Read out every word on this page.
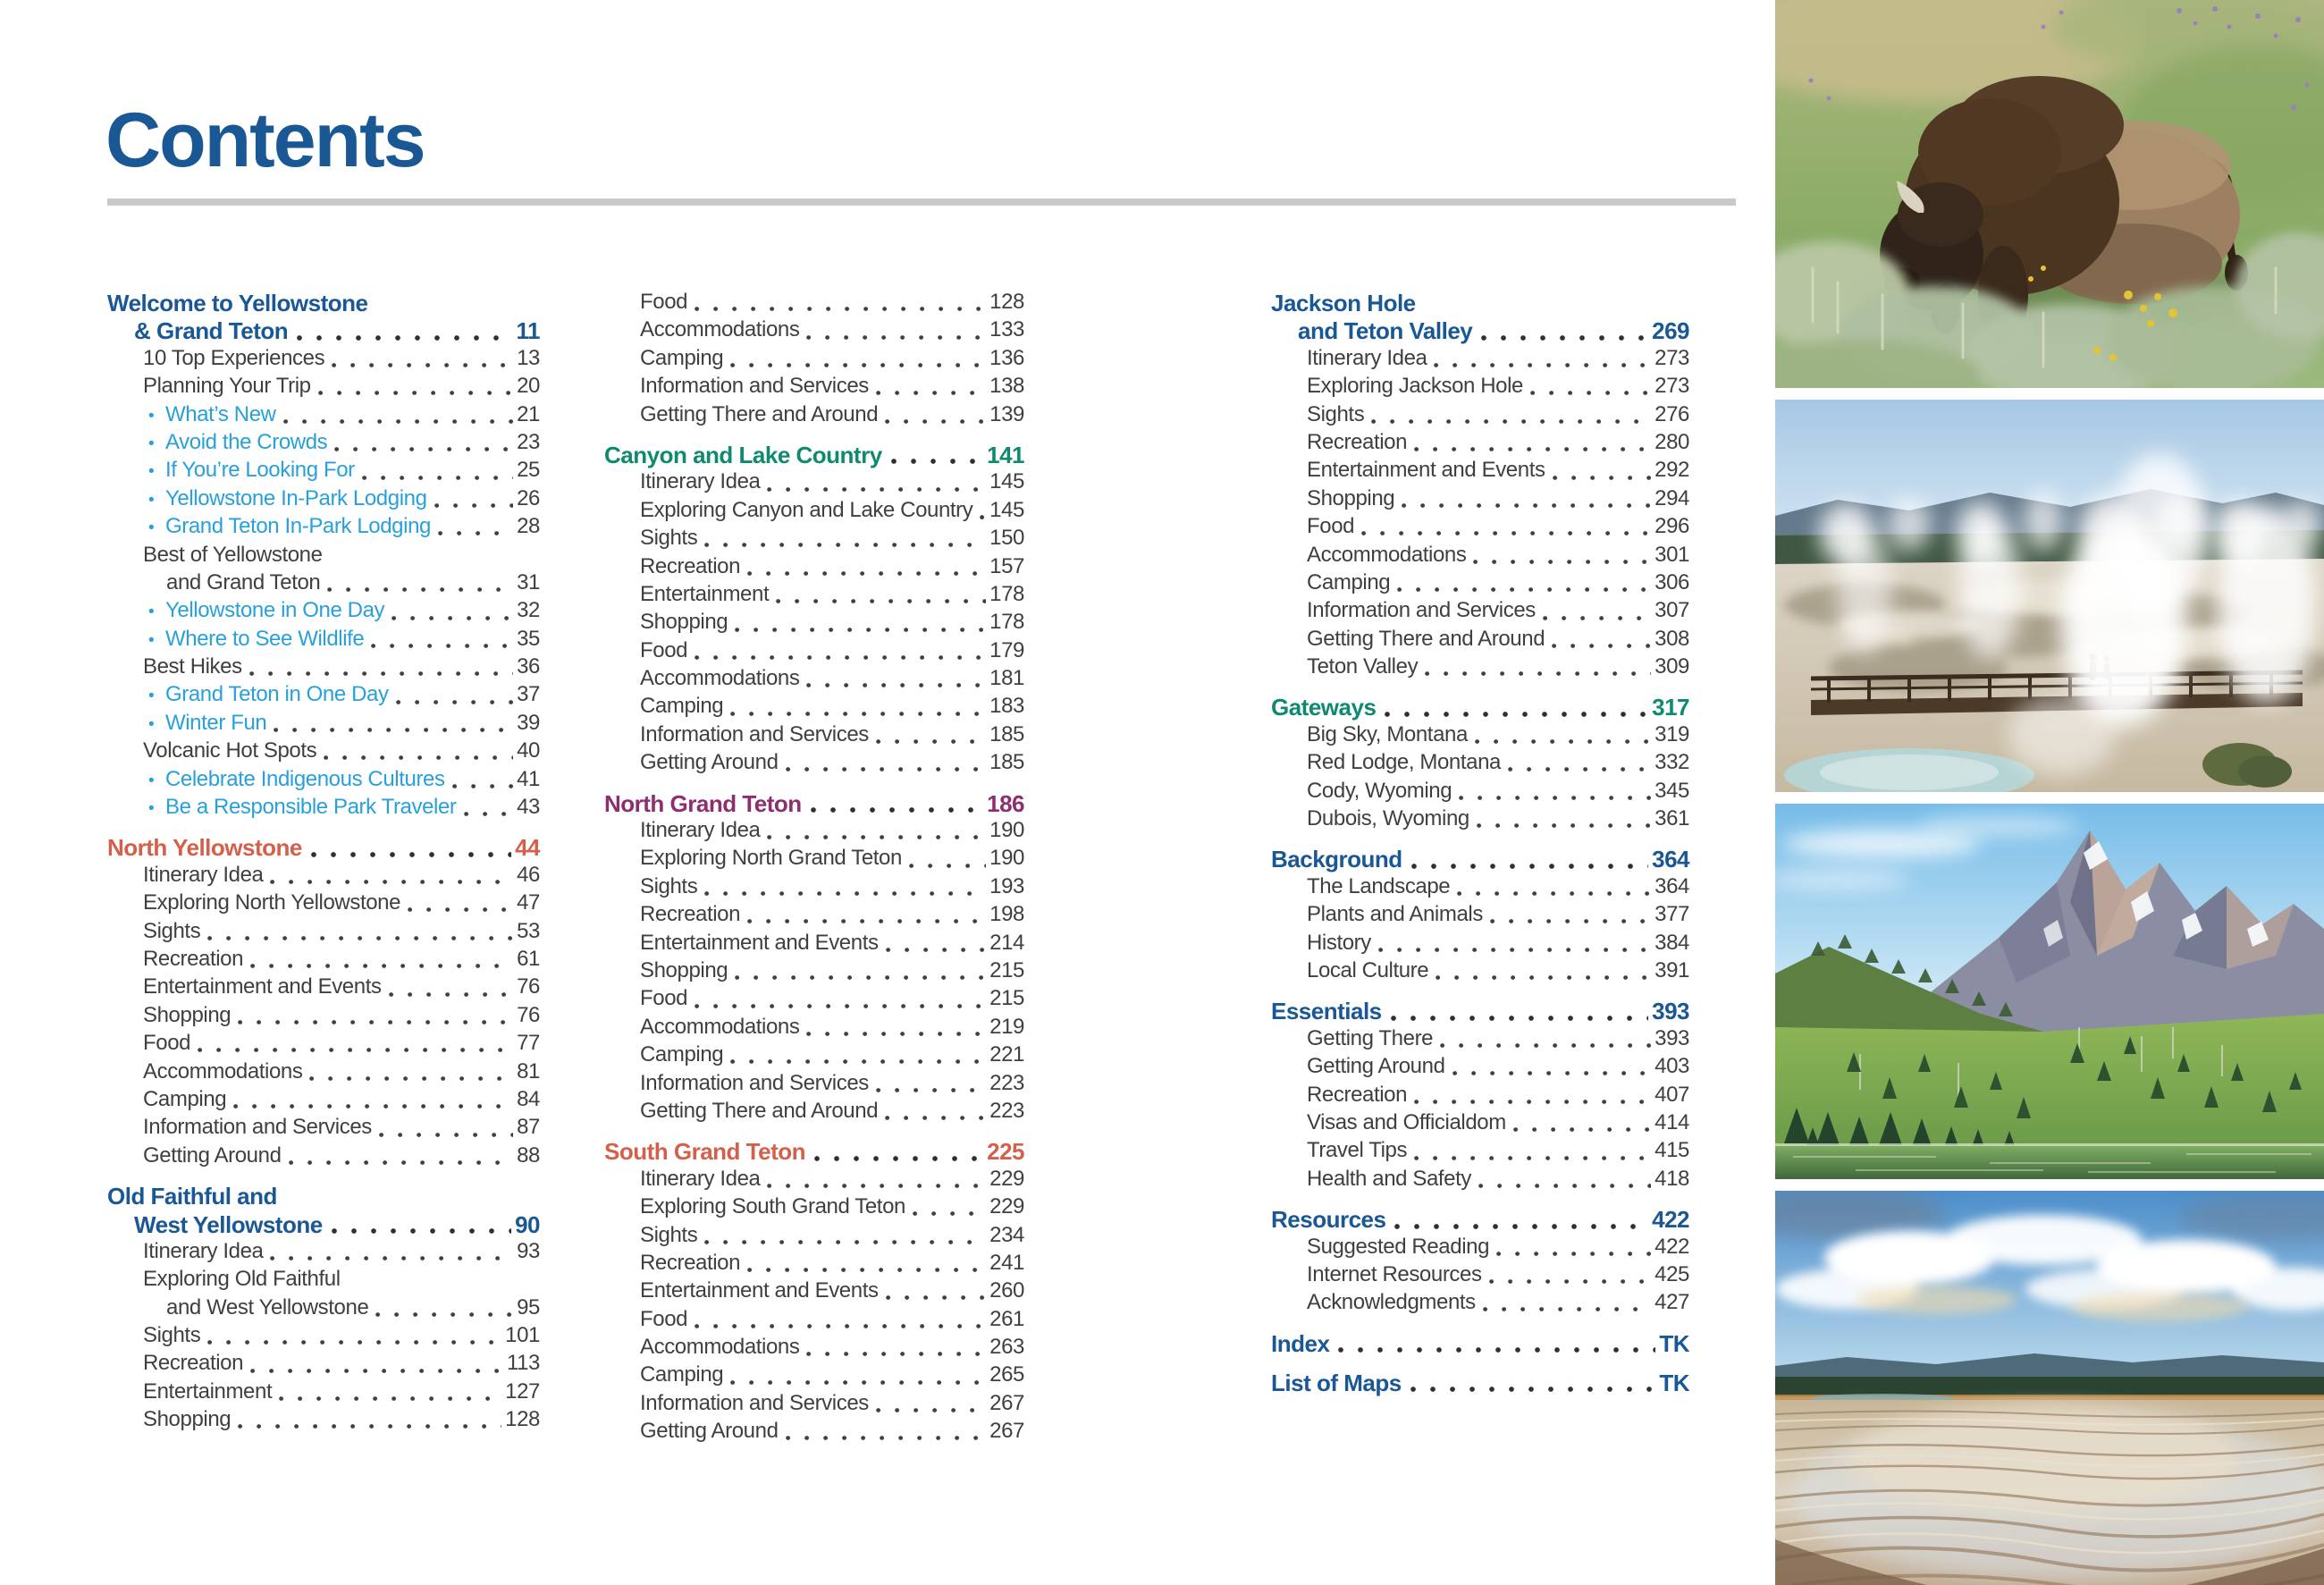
Contents
Welcome to Yellowstone
& Grand Teton	11
10 Top Experiences	13
Planning Your Trip	20
• What’s New	21
• Avoid the Crowds	23
• If You’re Looking For	25
• Yellowstone In-Park Lodging	26
• Grand Teton In-Park Lodging	28
Best of Yellowstone
and Grand Teton	31
• Yellowstone in One Day	32
• Where to See Wildlife	35
Best Hikes	36
• Grand Teton in One Day	37
• Winter Fun	39
Volcanic Hot Spots	40
• Celebrate Indigenous Cultures	41
• Be a Responsible Park Traveler	43
North Yellowstone	44
Itinerary Idea	46
Exploring North Yellowstone	47
Sights	53
Recreation	61
Entertainment and Events	76
Shopping	76
Food	77
Accommodations	81
Camping	84
Information and Services	87
Getting Around	88
Old Faithful and
West Yellowstone	90
Itinerary Idea	93
Exploring Old Faithful
and West Yellowstone	95
Sights	101
Recreation	113
Entertainment	127
Shopping	128
Food	128
Accommodations	133
Camping	136
Information and Services	138
Getting There and Around	139
Canyon and Lake Country	141
Itinerary Idea	145
Exploring Canyon and Lake Country 145
Sights	150
Recreation	157
Entertainment	178
Shopping	178
Food	179
Accommodations	181
Camping	183
Information and Services	185
Getting Around	185
North Grand Teton	186
Itinerary Idea	190
Exploring North Grand Teton	190
Sights	193
Recreation	198
Entertainment and Events	214
Shopping	215
Food	215
Accommodations	219
Camping	221
Information and Services	223
Getting There and Around	223
South Grand Teton	225
Itinerary Idea	229
Exploring South Grand Teton	229
Sights	234
Recreation	241
Entertainment and Events	260
Food	261
Accommodations	263
Camping	265
Information and Services	267
Getting Around	267
Jackson Hole
and Teton Valley	269
Itinerary Idea	273
Exploring Jackson Hole	273
Sights	276
Recreation	280
Entertainment and Events	292
Shopping	294
Food	296
Accommodations	301
Camping	306
Information and Services	307
Getting There and Around	308
Teton Valley	309
Gateways	317
Big Sky, Montana	319
Red Lodge, Montana	332
Cody, Wyoming	345
Dubois, Wyoming	361
Background	364
The Landscape	364
Plants and Animals	377
History	384
Local Culture	391
Essentials	393
Getting There	393
Getting Around	403
Recreation	407
Visas and Officialdom	414
Travel Tips	415
Health and Safety	418
Resources	422
Suggested Reading	422
Internet Resources	425
Acknowledgments	427
Index	TK
List of Maps	TK
